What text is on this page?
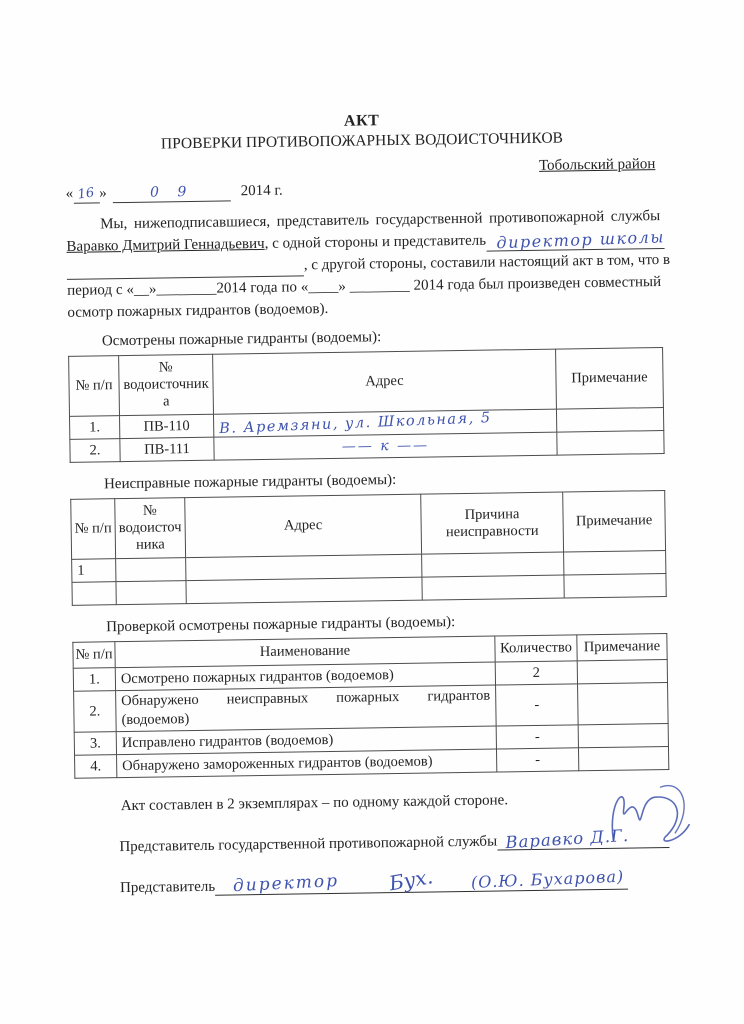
АКТ
ПРОВЕРКИ ПРОТИВОПОЖАРНЫХ ВОДОИСТОЧНИКОВ
Тобольский район
« 16 »	0 9	2014 г.
Мы, нижеподписавшиеся, представитель государственной противопожарной службы
Варавко Дмитрий Геннадьевич , с одной стороны и представитель директор школы
, с другой стороны, составили настоящий акт в том, что в
период с «__»________2014 года по «____» ________ 2014 года был произведен совместный
осмотр пожарных гидрантов (водоемов).
Осмотрены пожарные гидранты (водоемы):
№ п/п	№ водоисточника	Адрес	Примечание
1.	ПВ-110	В. Аремзяни, ул. Школьная, 5	
2.	ПВ-111	—— к ——	
Неисправные пожарные гидранты (водоемы):
№ п/п	№ водоисточника	Адрес	Причина неисправности	Примечание
1				

Проверкой осмотрены пожарные гидранты (водоемы):
№ п/п	Наименование	Количество	Примечание
1.	Осмотрено пожарных гидрантов (водоемов)	2	
2.	Обнаружено неисправных пожарных гидрантов
(водоемов)	-	
3.	Исправлено гидрантов (водоемов)	-	
4.	Обнаружено замороженных гидрантов (водоемов)	-	
Акт составлен в 2 экземплярах – по одному каждой стороне.
Представитель государственной противопожарной службы Варавко Д.Г.
Представитель	директор Бух. (О.Ю. Бухарова)
